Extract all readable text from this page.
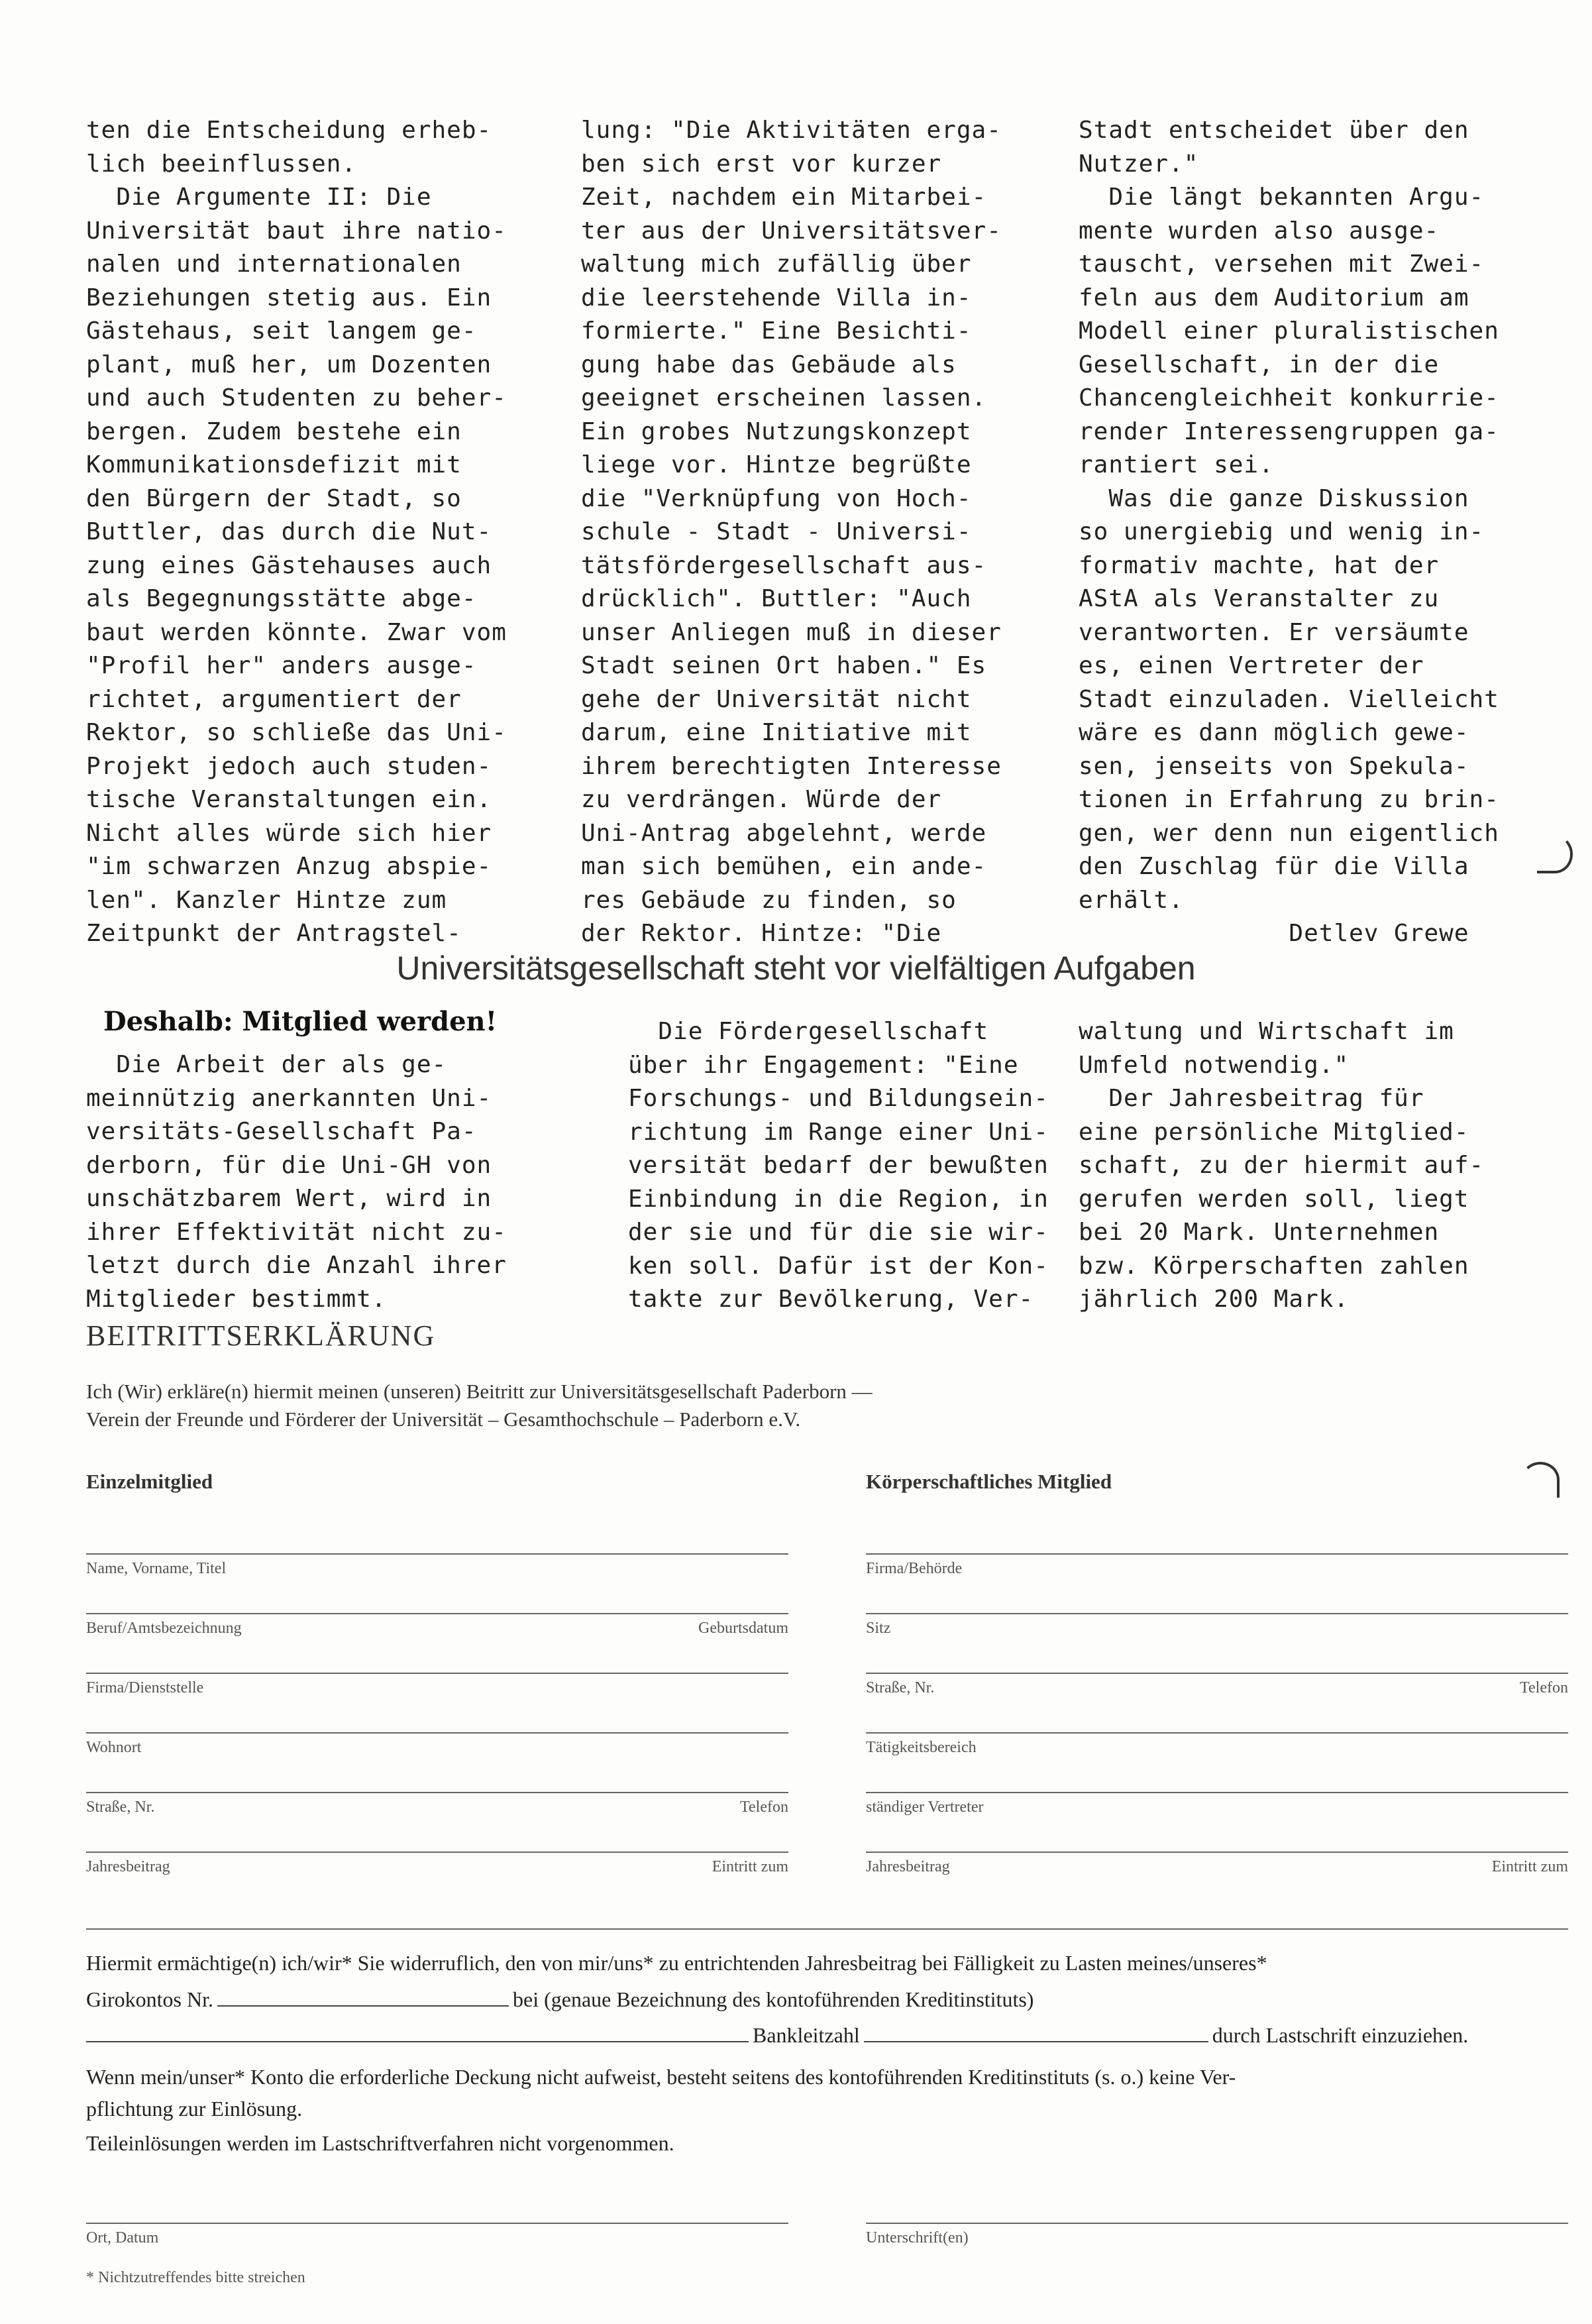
ten die Entscheidung erheb-
lich beeinflussen.
Die Argumente II: Die
Universität baut ihre natio-
nalen und internationalen
Beziehungen stetig aus. Ein
Gästehaus, seit langem ge-
plant, muß her, um Dozenten
und auch Studenten zu beher-
bergen. Zudem bestehe ein
Kommunikationsdefizit mit
den Bürgern der Stadt, so
Buttler, das durch die Nut-
zung eines Gästehauses auch
als Begegnungsstätte abge-
baut werden könnte. Zwar vom
"Profil her" anders ausge-
richtet, argumentiert der
Rektor, so schließe das Uni-
Projekt jedoch auch studen-
tische Veranstaltungen ein.
Nicht alles würde sich hier
"im schwarzen Anzug abspie-
len". Kanzler Hintze zum
Zeitpunkt der Antragstel-
lung: "Die Aktivitäten erga-
ben sich erst vor kurzer
Zeit, nachdem ein Mitarbei-
ter aus der Universitätsver-
waltung mich zufällig über
die leerstehende Villa in-
formierte." Eine Besichti-
gung habe das Gebäude als
geeignet erscheinen lassen.
Ein grobes Nutzungskonzept
liege vor. Hintze begrüßte
die "Verknüpfung von Hoch-
schule - Stadt - Universi-
tätsfördergesellschaft aus-
drücklich". Buttler: "Auch
unser Anliegen muß in dieser
Stadt seinen Ort haben." Es
gehe der Universität nicht
darum, eine Initiative mit
ihrem berechtigten Interesse
zu verdrängen. Würde der
Uni-Antrag abgelehnt, werde
man sich bemühen, ein ande-
res Gebäude zu finden, so
der Rektor. Hintze: "Die
Stadt entscheidet über den
Nutzer."
Die längt bekannten Argu-
mente wurden also ausge-
tauscht, versehen mit Zwei-
feln aus dem Auditorium am
Modell einer pluralistischen
Gesellschaft, in der die
Chancengleichheit konkurrie-
render Interessengruppen ga-
rantiert sei.
Was die ganze Diskussion
so unergiebig und wenig in-
formativ machte, hat der
AStA als Veranstalter zu
verantworten. Er versäumte
es, einen Vertreter der
Stadt einzuladen. Vielleicht
wäre es dann möglich gewe-
sen, jenseits von Spekula-
tionen in Erfahrung zu brin-
gen, wer denn nun eigentlich
den Zuschlag für die Villa
erhält.
Detlev Grewe
Universitätsgesellschaft steht vor vielfältigen Aufgaben
Deshalb: Mitglied werden!
Die Arbeit der als ge-
meinnützig anerkannten Uni-
versitäts-Gesellschaft Pa-
derborn, für die Uni-GH von
unschätzbarem Wert, wird in
ihrer Effektivität nicht zu-
letzt durch die Anzahl ihrer
Mitglieder bestimmt.
Die Fördergesellschaft
über ihr Engagement: "Eine
Forschungs- und Bildungsein-
richtung im Range einer Uni-
versität bedarf der bewußten
Einbindung in die Region, in
der sie und für die sie wir-
ken soll. Dafür ist der Kon-
takte zur Bevölkerung, Ver-
waltung und Wirtschaft im
Umfeld notwendig."
Der Jahresbeitrag für
eine persönliche Mitglied-
schaft, zu der hiermit auf-
gerufen werden soll, liegt
bei 20 Mark. Unternehmen
bzw. Körperschaften zahlen
jährlich 200 Mark.
BEITRITTSERKLÄRUNG
Ich (Wir) erkläre(n) hiermit meinen (unseren) Beitritt zur Universitätsgesellschaft Paderborn —
Verein der Freunde und Förderer der Universität – Gesamthochschule – Paderborn e.V.
Einzelmitglied	Körperschaftliches Mitglied
Name, Vorname, Titel
Beruf/Amtsbezeichnung	Geburtsdatum
Firma/Dienststelle
Wohnort
Straße, Nr.	Telefon
Jahresbeitrag	Eintritt zum
Firma/Behörde
Sitz
Straße, Nr.	Telefon
Tätigkeitsbereich
ständiger Vertreter
Jahresbeitrag	Eintritt zum
Hiermit ermächtige(n) ich/wir* Sie widerruflich, den von mir/uns* zu entrichtenden Jahresbeitrag bei Fälligkeit zu Lasten meines/unseres*
Girokontos Nr.	bei (genaue Bezeichnung des kontoführenden Kreditinstituts)
Bankleitzahl	durch Lastschrift einzuziehen.
Wenn mein/unser* Konto die erforderliche Deckung nicht aufweist, besteht seitens des kontoführenden Kreditinstituts (s. o.) keine Ver-
pflichtung zur Einlösung.
Teileinlösungen werden im Lastschriftverfahren nicht vorgenommen.
Ort, Datum	Unterschrift(en)
* Nichtzutreffendes bitte streichen
